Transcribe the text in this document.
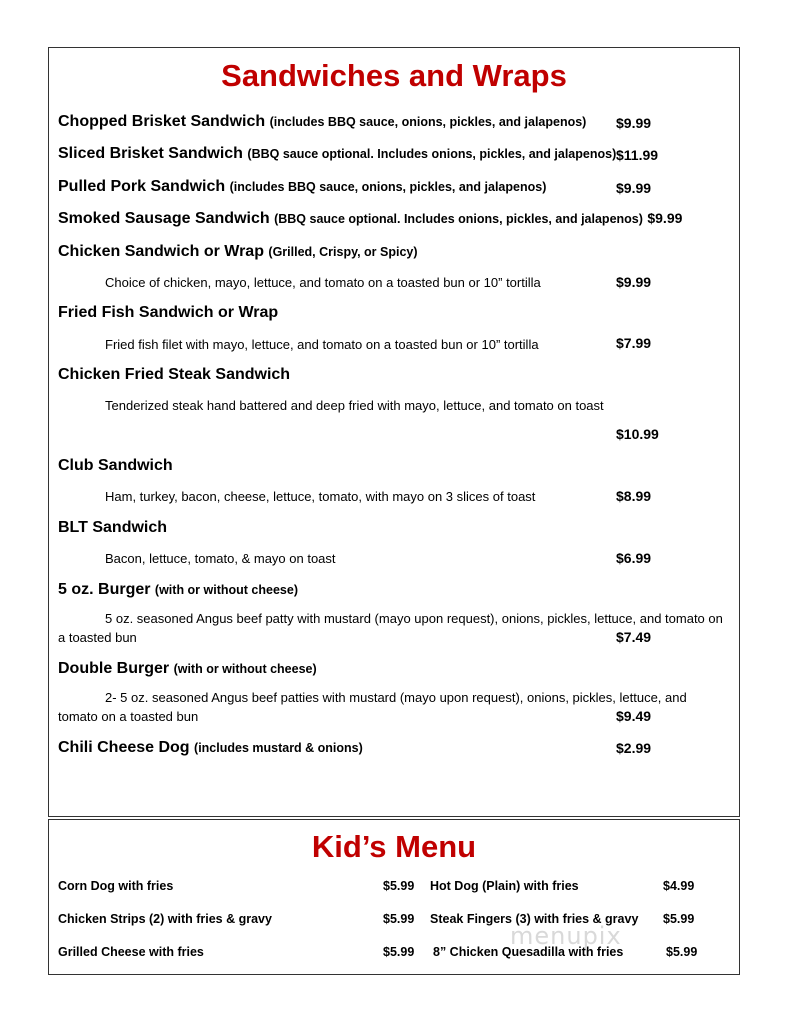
Sandwiches and Wraps
Chopped Brisket Sandwich (includes BBQ sauce, onions, pickles, and jalapenos)	$9.99
Sliced Brisket Sandwich (BBQ sauce optional. Includes onions, pickles, and jalapenos) $11.99
Pulled Pork Sandwich (includes BBQ sauce, onions, pickles, and jalapenos)	$9.99
Smoked Sausage Sandwich (BBQ sauce optional. Includes onions, pickles, and jalapenos) $9.99
Chicken Sandwich or Wrap (Grilled, Crispy, or Spicy)
Choice of chicken, mayo, lettuce, and tomato on a toasted bun or 10” tortilla	$9.99
Fried Fish Sandwich or Wrap
Fried fish filet with mayo, lettuce, and tomato on a toasted bun or 10” tortilla	$7.99
Chicken Fried Steak Sandwich
Tenderized steak hand battered and deep fried with mayo, lettuce, and tomato on toast
$10.99
Club Sandwich
Ham, turkey, bacon, cheese, lettuce, tomato, with mayo on 3 slices of toast	$8.99
BLT Sandwich
Bacon, lettuce, tomato, & mayo on toast	$6.99
5 oz. Burger (with or without cheese)
5 oz. seasoned Angus beef patty with mustard (mayo upon request), onions, pickles, lettuce, and tomato on
a toasted bun	$7.49
Double Burger (with or without cheese)
2- 5 oz. seasoned Angus beef patties with mustard (mayo upon request), onions, pickles, lettuce, and
tomato on a toasted bun	$9.49
Chili Cheese Dog (includes mustard & onions)	$2.99
Kid’s Menu
Corn Dog with fries	$5.99 Hot Dog (Plain) with fries	$4.99
Chicken Strips (2) with fries & gravy	$5.99 Steak Fingers (3) with fries & gravy $5.99
Grilled Cheese with fries	$5.99 8” Chicken Quesadilla with fries	$5.99
menupix
